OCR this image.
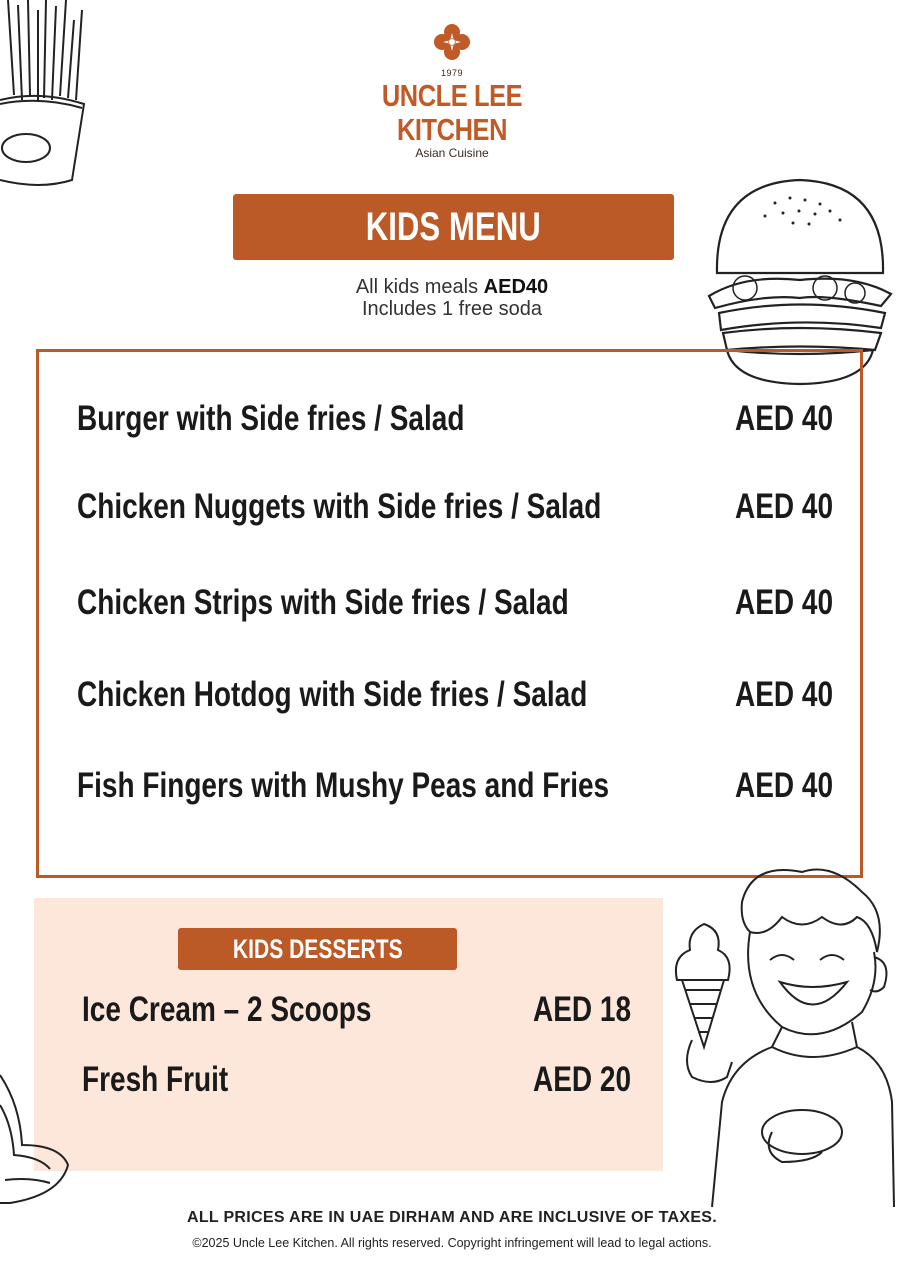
1979
UNCLE LEE
KITCHEN
Asian Cuisine
KIDS MENU
All kids meals AED40
Includes 1 free soda
Burger with Side fries / Salad	AED 40
Chicken Nuggets with Side fries / Salad	AED 40
Chicken Strips with Side fries / Salad	AED 40
Chicken Hotdog with Side fries / Salad	AED 40
Fish Fingers with Mushy Peas and Fries	AED 40
KIDS DESSERTS
Ice Cream – 2 Scoops	AED 18
Fresh Fruit	AED 20
ALL PRICES ARE IN UAE DIRHAM AND ARE INCLUSIVE OF TAXES.
©2025 Uncle Lee Kitchen. All rights reserved. Copyright infringement will lead to legal actions.
